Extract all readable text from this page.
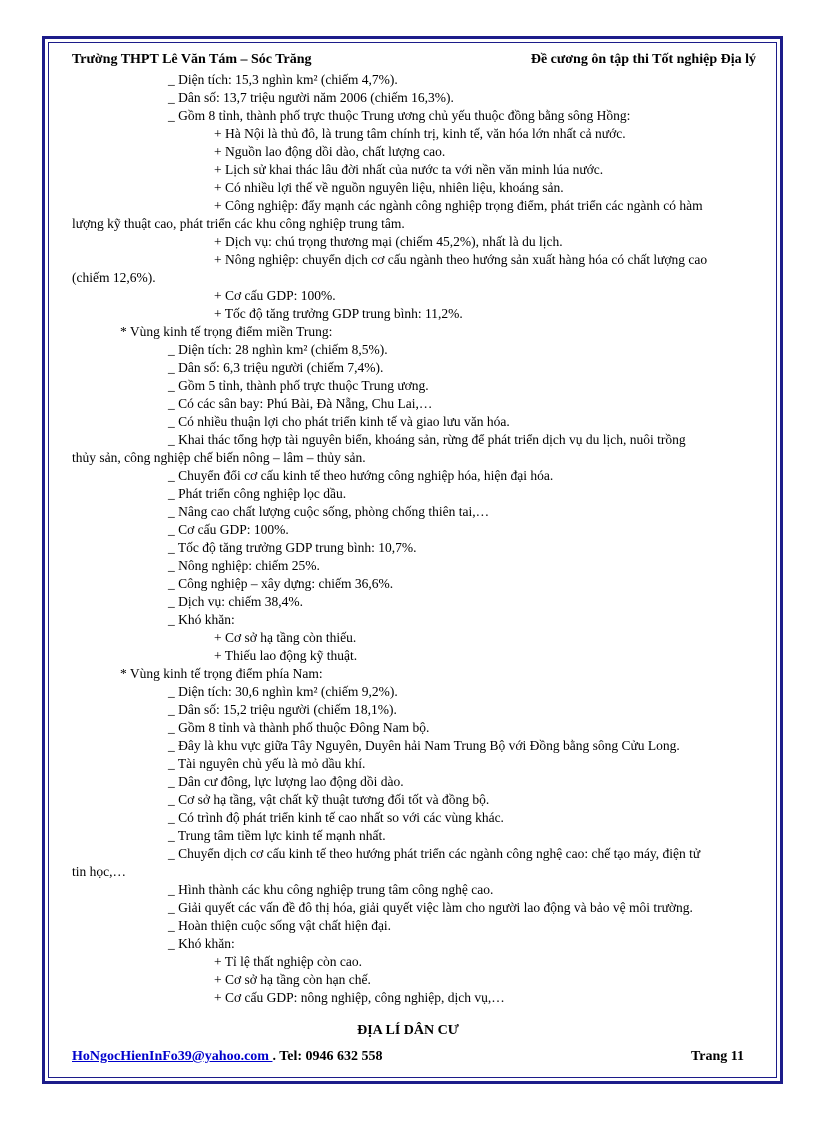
Trường THPT Lê Văn Tám – Sóc Trăng	Đề cương ôn tập thi Tốt nghiệp Địa lý
_ Diện tích: 15,3 nghìn km² (chiếm 4,7%).
_ Dân số: 13,7 triệu người năm 2006 (chiếm 16,3%).
_ Gồm 8 tỉnh, thành phố trực thuộc Trung ương chủ yếu thuộc đồng bằng sông Hồng:
+ Hà Nội là thủ đô, là trung tâm chính trị, kinh tế, văn hóa lớn nhất cả nước.
+ Nguồn lao động dồi dào, chất lượng cao.
+ Lịch sử khai thác lâu đời nhất của nước ta với nền văn minh lúa nước.
+ Có nhiều lợi thế về nguồn nguyên liệu, nhiên liệu, khoáng sản.
+ Công nghiệp: đẩy mạnh các ngành công nghiệp trọng điểm, phát triển các ngành có hàm
lượng kỹ thuật cao, phát triển các khu công nghiệp trung tâm.
+ Dịch vụ: chú trọng thương mại (chiếm 45,2%), nhất là du lịch.
+ Nông nghiệp: chuyển dịch cơ cấu ngành theo hướng sản xuất hàng hóa có chất lượng cao
(chiếm 12,6%).
+ Cơ cấu GDP: 100%.
+ Tốc độ tăng trưởng GDP trung bình: 11,2%.
* Vùng kinh tế trọng điểm miền Trung:
_ Diện tích: 28 nghìn km² (chiếm 8,5%).
_ Dân số: 6,3 triệu người (chiếm 7,4%).
_ Gồm 5 tỉnh, thành phố trực thuộc Trung ương.
_ Có các sân bay: Phú Bài, Đà Nẵng, Chu Lai,…
_ Có nhiều thuận lợi cho phát triển kinh tế và giao lưu văn hóa.
_ Khai thác tổng hợp tài nguyên biển, khoáng sản, rừng để phát triển dịch vụ du lịch, nuôi trồng
thủy sản, công nghiệp chế biến nông – lâm – thủy sản.
_ Chuyển đổi cơ cấu kinh tế theo hướng công nghiệp hóa, hiện đại hóa.
_ Phát triển công nghiệp lọc dầu.
_ Nâng cao chất lượng cuộc sống, phòng chống thiên tai,…
_ Cơ cấu GDP: 100%.
_ Tốc độ tăng trưởng GDP trung bình: 10,7%.
_ Nông nghiệp: chiếm 25%.
_ Công nghiệp – xây dựng: chiếm 36,6%.
_ Dịch vụ: chiếm 38,4%.
_ Khó khăn:
+ Cơ sở hạ tầng còn thiếu.
+ Thiếu lao động kỹ thuật.
* Vùng kinh tế trọng điểm phía Nam:
_ Diện tích: 30,6 nghìn km² (chiếm 9,2%).
_ Dân số: 15,2 triệu người (chiếm 18,1%).
_ Gồm 8 tỉnh và thành phố thuộc Đông Nam bộ.
_ Đây là khu vực giữa Tây Nguyên, Duyên hải Nam Trung Bộ với Đồng bằng sông Cửu Long.
_ Tài nguyên chủ yếu là mỏ dầu khí.
_ Dân cư đông, lực lượng lao động dồi dào.
_ Cơ sở hạ tầng, vật chất kỹ thuật tương đối tốt và đồng bộ.
_ Có trình độ phát triển kinh tế cao nhất so với các vùng khác.
_ Trung tâm tiềm lực kinh tế mạnh nhất.
_ Chuyển dịch cơ cấu kinh tế theo hướng phát triển các ngành công nghệ cao: chế tạo máy, điện tử
tin học,…
_ Hình thành các khu công nghiệp trung tâm công nghệ cao.
_ Giải quyết các vấn đề đô thị hóa, giải quyết việc làm cho người lao động và bảo vệ môi trường.
_ Hoàn thiện cuộc sống vật chất hiện đại.
_ Khó khăn:
+ Tỉ lệ thất nghiệp còn cao.
+ Cơ sở hạ tầng còn hạn chế.
+ Cơ cấu GDP: nông nghiệp, công nghiệp, dịch vụ,…
ĐỊA LÍ DÂN CƯ
HoNgocHienInFo39@yahoo.com . Tel: 0946 632 558	Trang 11
